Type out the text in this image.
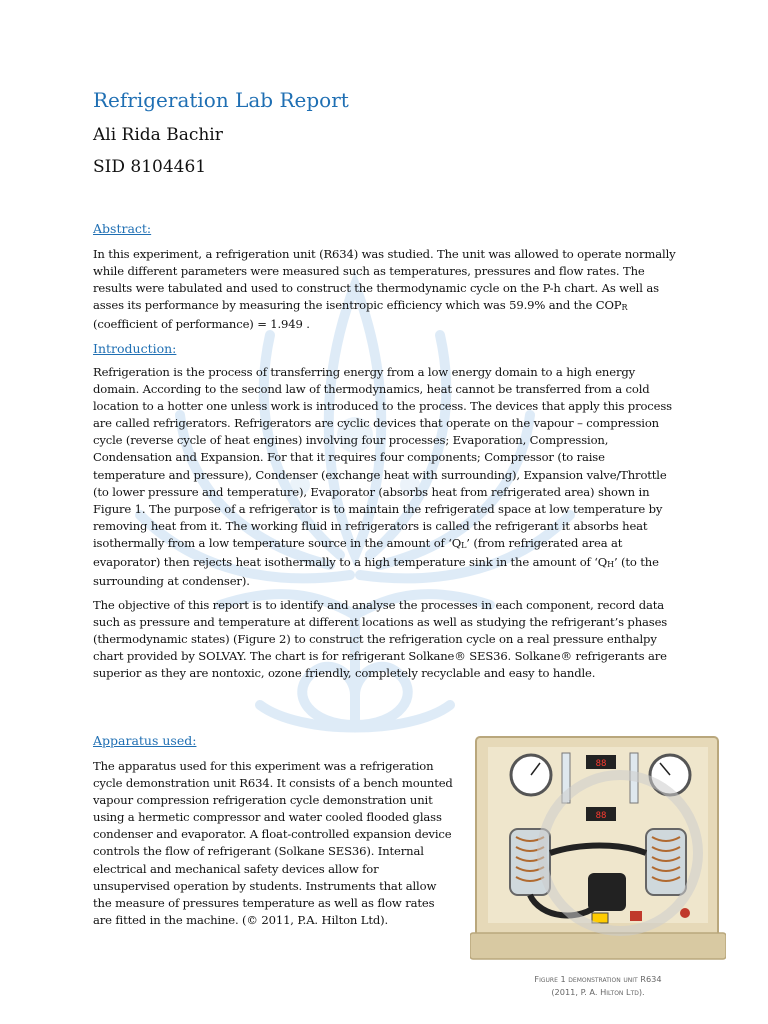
Refrigeration Lab Report

Ali Rida Bachir

SID 8104461

Abstract:

In this experiment, a refrigeration unit (R634) was studied. The unit was allowed to operate normally while different parameters were measured such as temperatures, pressures and flow rates. The results were tabulated and used to construct the thermodynamic cycle on the P-h chart. As well as asses its performance by measuring the isentropic efficiency which was 59.9% and the COPR (coefficient of performance) = 1.949 .

Introduction:

Refrigeration is the process of transferring energy from a low energy domain to a high energy domain. According to the second law of thermodynamics, heat cannot be transferred from a cold location to a hotter one unless work is introduced to the process. The devices that apply this process are called refrigerators. Refrigerators are cyclic devices that operate on the vapour – compression cycle (reverse cycle of heat engines) involving four processes; Evaporation, Compression, Condensation and Expansion. For that it requires four components; Compressor (to raise temperature and pressure), Condenser (exchange heat with surrounding), Expansion valve/Throttle (to lower pressure and temperature), Evaporator (absorbs heat from refrigerated area) shown in Figure 1. The purpose of a refrigerator is to maintain the refrigerated space at low temperature by removing heat from it. The working fluid in refrigerators is called the refrigerant it absorbs heat isothermally from a low temperature source in the amount of ‘QL’ (from refrigerated area at evaporator) then rejects heat isothermally to a high temperature sink in the amount of ‘QH’ (to the surrounding at condenser).

The objective of this report is to identify and analyse the processes in each component, record data such as pressure and temperature at different locations as well as studying the refrigerant’s phases (thermodynamic states) (Figure 2) to construct the refrigeration cycle on a real pressure enthalpy chart provided by SOLVAY. The chart is for refrigerant Solkane® SES36. Solkane® refrigerants are superior as they are nontoxic, ozone friendly, completely recyclable and easy to handle.

Apparatus used:

The apparatus used for this experiment was a refrigeration cycle demonstration unit R634. It consists of a bench mounted vapour compression refrigeration cycle demonstration unit using a hermetic compressor and water cooled flooded glass condenser and evaporator. A float-controlled expansion device controls the flow of refrigerant (Solkane SES36). Internal electrical and mechanical safety devices allow for unsupervised operation by students. Instruments that allow the measure of pressures temperature as well as flow rates are fitted in the machine. (© 2011, P.A. Hilton Ltd).

88
88
Figure 1 demonstration unit R634
(2011, P. A. Hilton Ltd).
